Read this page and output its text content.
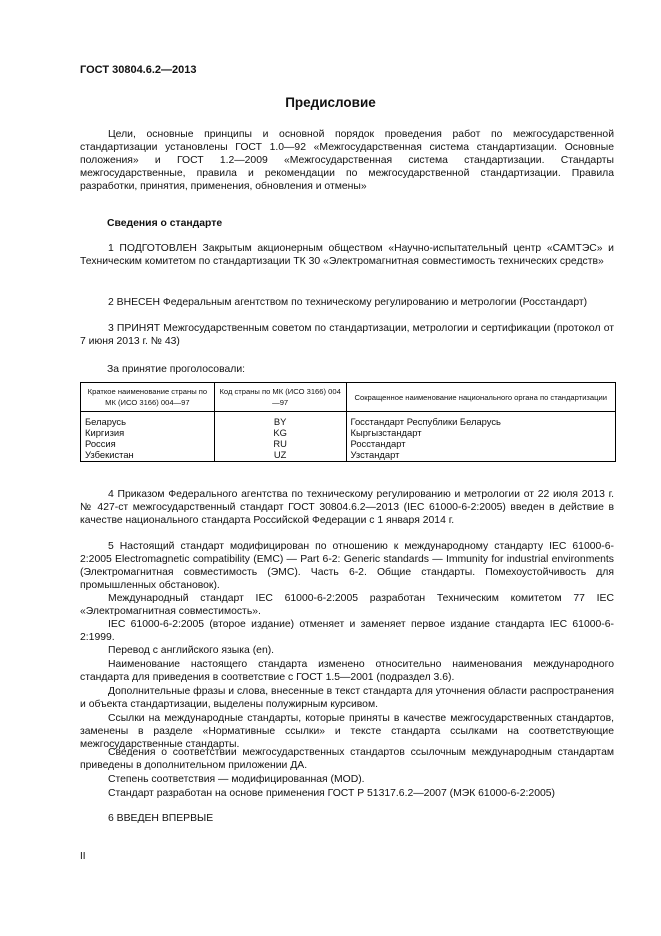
ГОСТ 30804.6.2—2013
Предисловие

Цели, основные принципы и основной порядок проведения работ по межгосударственной стандартизации установлены ГОСТ 1.0—92 «Межгосударственная система стандартизации. Основные положения» и ГОСТ 1.2—2009 «Межгосударственная система стандартизации. Стандарты межгосударственные, правила и рекомендации по межгосударственной стандартизации. Правила разработки, принятия, применения, обновления и отмены»

Сведения о стандарте

1 ПОДГОТОВЛЕН Закрытым акционерным обществом «Научно-испытательный центр «САМТЭС» и Техническим комитетом по стандартизации ТК 30 «Электромагнитная совместимость технических средств»

2 ВНЕСЕН Федеральным агентством по техническому регулированию и метрологии (Росстандарт)

3 ПРИНЯТ Межгосударственным советом по стандартизации, метрологии и сертификации (протокол от 7 июня 2013 г. № 43)

За принятие проголосовали:
Краткое наименование страны по МК (ИСО 3166) 004—97	Код страны по МК (ИСО 3166) 004—97	Сокращенное наименование национального органа по стандартизации
Беларусь	BY	Госстандарт Республики Беларусь
Киргизия	KG	Кыргызстандарт
Россия	RU	Росстандарт
Узбекистан	UZ	Узстандарт

4 Приказом Федерального агентства по техническому регулированию и метрологии от 22 июля 2013 г. № 427-ст межгосударственный стандарт ГОСТ 30804.6.2—2013 (IEC 61000-6-2:2005) введен в действие в качестве национального стандарта Российской Федерации с 1 января 2014 г.

5 Настоящий стандарт модифицирован по отношению к международному стандарту IEC 61000-6-2:2005 Electromagnetic compatibility (EMC) — Part 6-2: Generic standards — Immunity for industrial environments (Электромагнитная совместимость (ЭМС). Часть 6-2. Общие стандарты. Помехоустойчивость для промышленных обстановок).

Международный стандарт IEC 61000-6-2:2005 разработан Техническим комитетом 77 IEC «Электромагнитная совместимость».

IEC 61000-6-2:2005 (второе издание) отменяет и заменяет первое издание стандарта IEC 61000-6-2:1999.

Перевод с английского языка (en).

Наименование настоящего стандарта изменено относительно наименования международного стандарта для приведения в соответствие с ГОСТ 1.5—2001 (подраздел 3.6).

Дополнительные фразы и слова, внесенные в текст стандарта для уточнения области распространения и объекта стандартизации, выделены полужирным курсивом.

Ссылки на международные стандарты, которые приняты в качестве межгосударственных стандартов, заменены в разделе «Нормативные ссылки» и тексте стандарта ссылками на соответствующие межгосударственные стандарты.

Сведения о соответствии межгосударственных стандартов ссылочным международным стандартам приведены в дополнительном приложении ДА.

Степень соответствия — модифицированная (MOD).

Стандарт разработан на основе применения ГОСТ Р 51317.6.2—2007 (МЭК 61000-6-2:2005)

6 ВВЕДЕН ВПЕРВЫЕ

II
